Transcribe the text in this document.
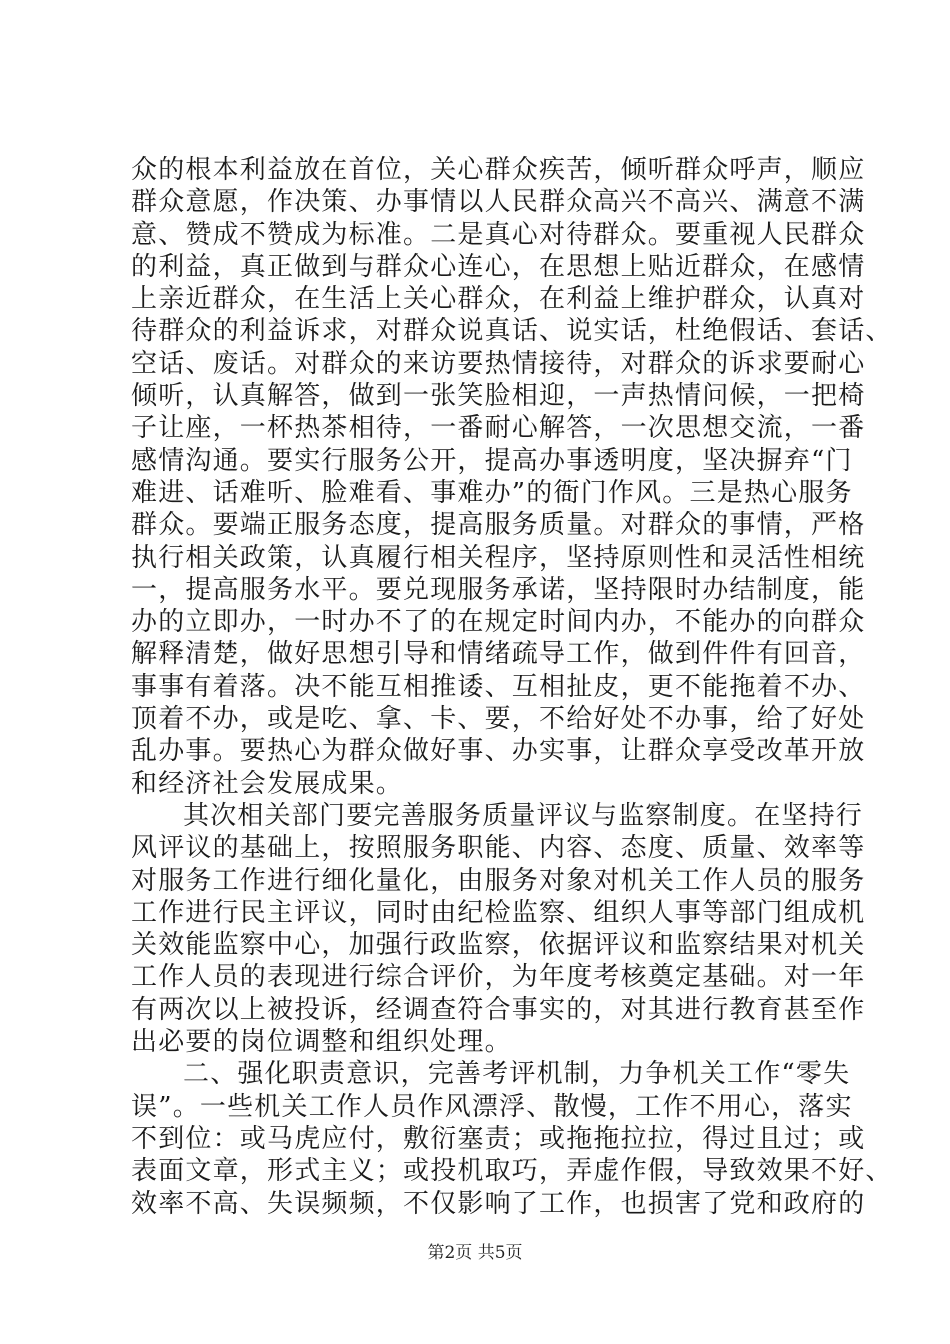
众的根本利益放在首位，关心群众疾苦，倾听群众呼声，顺应
群众意愿，作决策、办事情以人民群众高兴不高兴、满意不满
意、赞成不赞成为标准。二是真心对待群众。要重视人民群众
的利益，真正做到与群众心连心，在思想上贴近群众，在感情
上亲近群众，在生活上关心群众，在利益上维护群众，认真对
待群众的利益诉求，对群众说真话、说实话，杜绝假话、套话、
空话、废话。对群众的来访要热情接待，对群众的诉求要耐心
倾听，认真解答，做到一张笑脸相迎，一声热情问候，一把椅
子让座，一杯热茶相待，一番耐心解答，一次思想交流，一番
感情沟通。要实行服务公开，提高办事透明度，坚决摒弃“门
难进、话难听、脸难看、事难办”的衙门作风。三是热心服务
群众。要端正服务态度，提高服务质量。对群众的事情，严格
执行相关政策，认真履行相关程序，坚持原则性和灵活性相统
一，提高服务水平。要兑现服务承诺，坚持限时办结制度，能
办的立即办，一时办不了的在规定时间内办，不能办的向群众
解释清楚，做好思想引导和情绪疏导工作，做到件件有回音，
事事有着落。决不能互相推诿、互相扯皮，更不能拖着不办、
顶着不办，或是吃、拿、卡、要，不给好处不办事，给了好处
乱办事。要热心为群众做好事、办实事，让群众享受改革开放
和经济社会发展成果。
其次相关部门要完善服务质量评议与监察制度。在坚持行
风评议的基础上，按照服务职能、内容、态度、质量、效率等
对服务工作进行细化量化，由服务对象对机关工作人员的服务
工作进行民主评议，同时由纪检监察、组织人事等部门组成机
关效能监察中心，加强行政监察，依据评议和监察结果对机关
工作人员的表现进行综合评价，为年度考核奠定基础。对一年
有两次以上被投诉，经调查符合事实的，对其进行教育甚至作
出必要的岗位调整和组织处理。
二、强化职责意识，完善考评机制，力争机关工作“零失
误”。一些机关工作人员作风漂浮、散慢，工作不用心，落实
不到位：或马虎应付，敷衍塞责；或拖拖拉拉，得过且过；或
表面文章，形式主义；或投机取巧，弄虚作假，导致效果不好、
效率不高、失误频频，不仅影响了工作，也损害了党和政府的
第2页 共5页
